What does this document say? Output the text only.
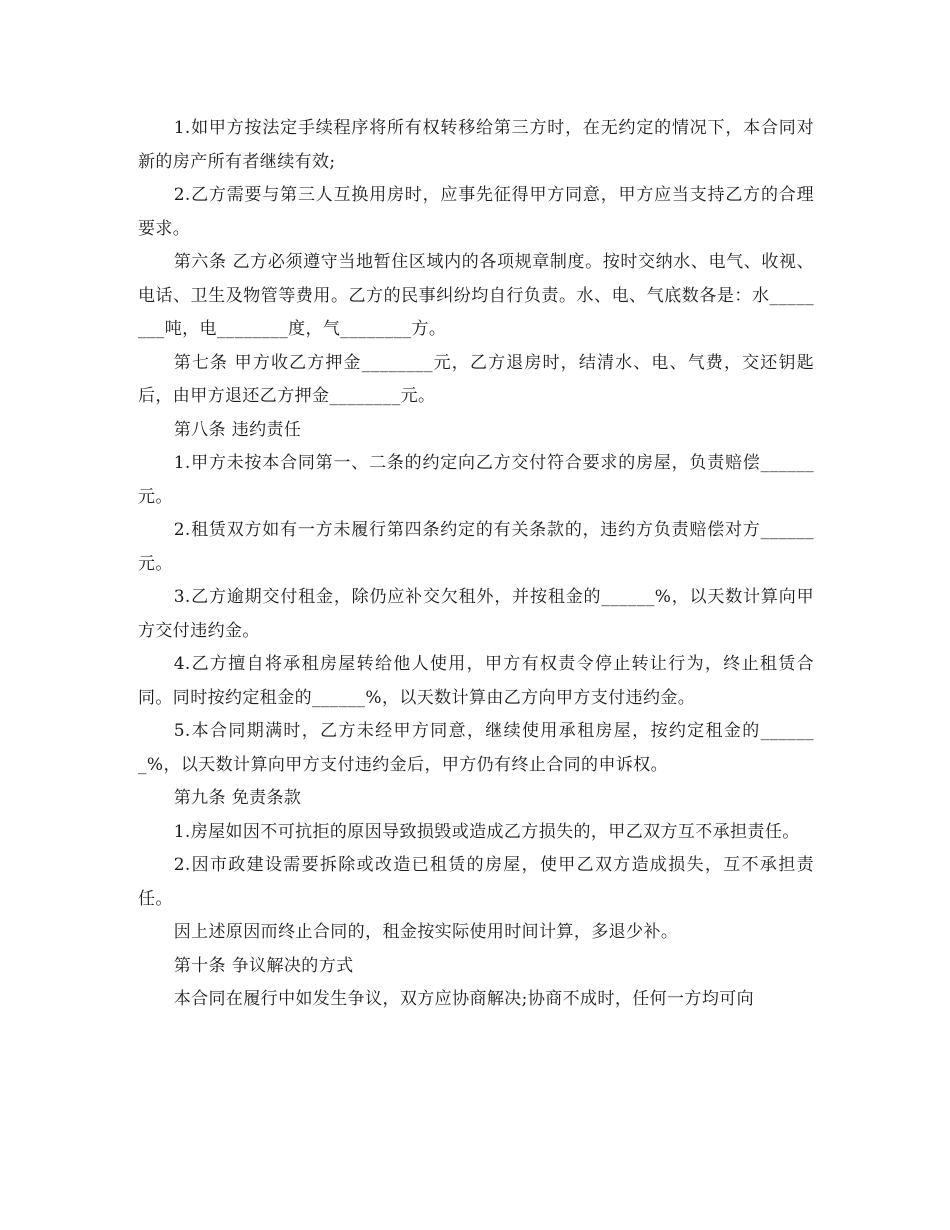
1.如甲方按法定手续程序将所有权转移给第三方时，在无约定的情况下，本合同对新的房产所有者继续有效;

2.乙方需要与第三人互换用房时，应事先征得甲方同意，甲方应当支持乙方的合理要求。

第六条 乙方必须遵守当地暂住区域内的各项规章制度。按时交纳水、电气、收视、电话、卫生及物管等费用。乙方的民事纠纷均自行负责。水、电、气底数各是：水________吨，电________度，气________方。

第七条 甲方收乙方押金________元，乙方退房时，结清水、电、气费，交还钥匙后，由甲方退还乙方押金________元。

第八条 违约责任

1.甲方未按本合同第一、二条的约定向乙方交付符合要求的房屋，负责赔偿______元。

2.租赁双方如有一方未履行第四条约定的有关条款的，违约方负责赔偿对方______元。

3.乙方逾期交付租金，除仍应补交欠租外，并按租金的______%，以天数计算向甲方交付违约金。

4.乙方擅自将承租房屋转给他人使用，甲方有权责令停止转让行为，终止租赁合同。同时按约定租金的______%，以天数计算由乙方向甲方支付违约金。

5.本合同期满时，乙方未经甲方同意，继续使用承租房屋，按约定租金的_______%，以天数计算向甲方支付违约金后，甲方仍有终止合同的申诉权。

第九条 免责条款

1.房屋如因不可抗拒的原因导致损毁或造成乙方损失的，甲乙双方互不承担责任。

2.因市政建设需要拆除或改造已租赁的房屋，使甲乙双方造成损失，互不承担责任。

因上述原因而终止合同的，租金按实际使用时间计算，多退少补。

第十条 争议解决的方式

本合同在履行中如发生争议，双方应协商解决;协商不成时，任何一方均可向
